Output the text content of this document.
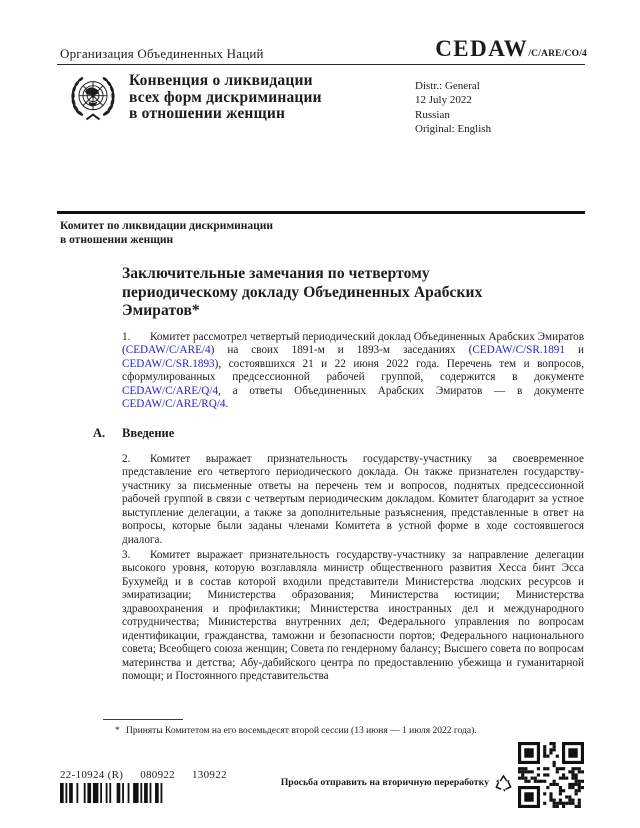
Организация Объединенных Наций	CEDAW /C/ARE/CO/4
Конвенция о ликвидации
всех форм дискриминации
в отношении женщин
Distr.: General
12 July 2022
Russian
Original: English
Комитет по ликвидации дискриминации
в отношении женщин
Заключительные замечания по четвертому периодическому докладу Объединенных Арабских Эмиратов*

1. Комитет рассмотрел четвертый периодический доклад Объединенных Арабских Эмиратов (CEDAW/C/ARE/4) на своих 1891-м и 1893-м заседаниях (CEDAW/C/SR.1891 и CEDAW/C/SR.1893), состоявшихся 21 и 22 июня 2022 года. Перечень тем и вопросов, сформулированных предсессионной рабочей группой, содержится в документе CEDAW/C/ARE/Q/4, а ответы Объединенных Арабских Эмиратов –– в документе CEDAW/C/ARE/RQ/4.

A. Введение

2. Комитет выражает признательность государству-участнику за своевременное представление его четвертого периодического доклада. Он также признателен государству-участнику за письменные ответы на перечень тем и вопросов, поднятых предсессионной рабочей группой в связи с четвертым периодическим докладом. Комитет благодарит за устное выступление делегации, а также за дополнительные разъяснения, представленные в ответ на вопросы, которые были заданы членами Комитета в устной форме в ходе состоявшегося диалога.

3. Комитет выражает признательность государству-участнику за направление делегации высокого уровня, которую возглавляла министр общественного развития Хесса бинт Эсса Бухумейд и в состав которой входили представители Министерства людских ресурсов и эмиратизации; Министерства образования; Министерства юстиции; Министерства здравоохранения и профилактики; Министерства иностранных дел и международного сотрудничества; Министерства внутренних дел; Федерального управления по вопросам идентификации, гражданства, таможни и безопасности портов; Федерального национального совета; Всеобщего союза женщин; Совета по гендерному балансу; Высшего совета по вопросам материнства и детства; Абу-дабийского центра по предоставлению убежища и гуманитарной помощи; и Постоянного представительства

* Приняты Комитетом на его восемьдесят второй сессии (13 июня — 1 июля 2022 года).
22-10924 (R) 080922 130922
Просьба отправить на вторичную переработку
